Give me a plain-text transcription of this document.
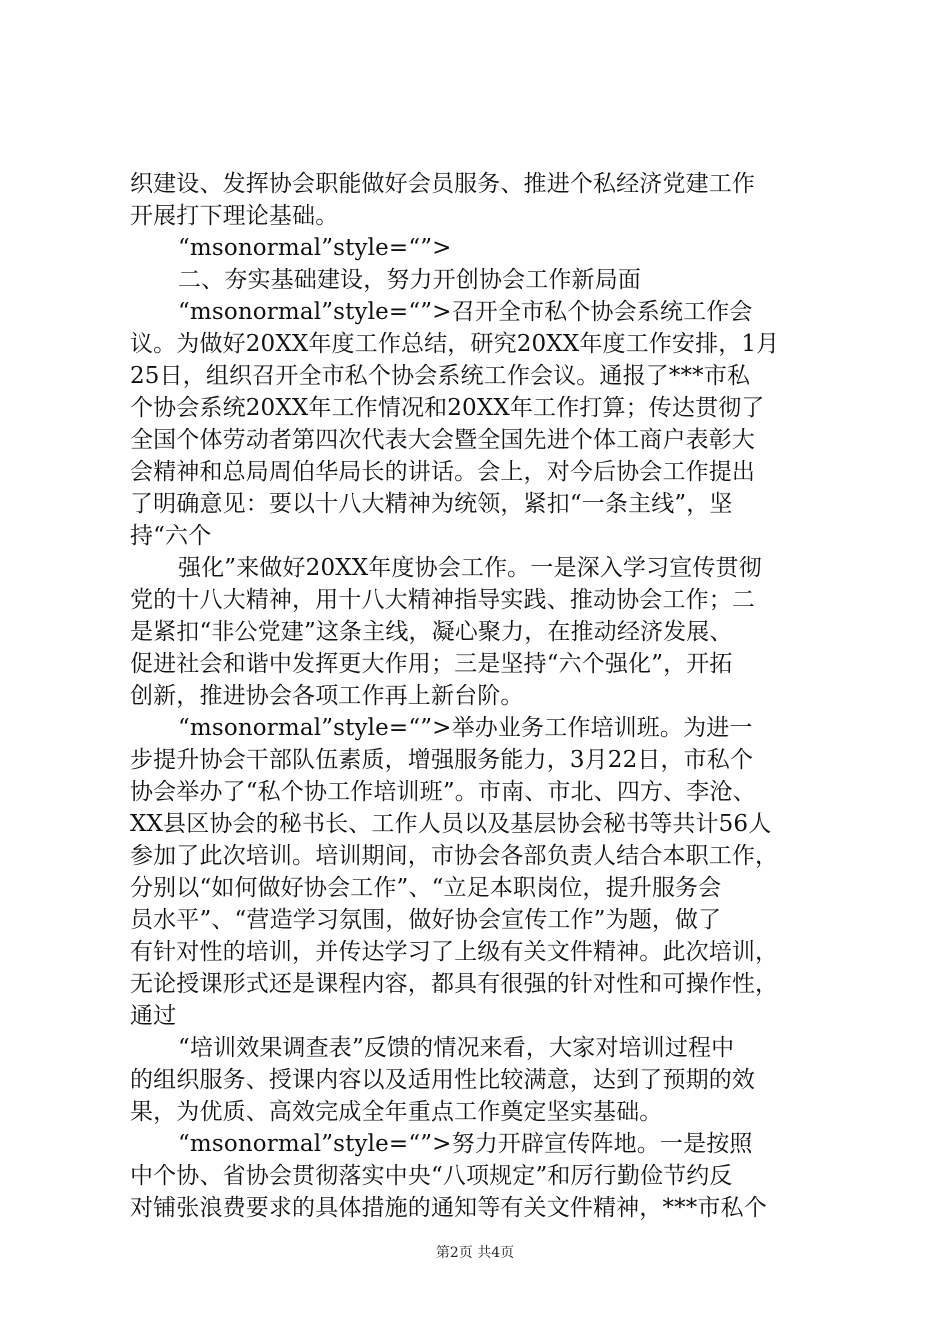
织建设、发挥协会职能做好会员服务、推进个私经济党建工作
开展打下理论基础。
“msonormal”style=“”>
二、夯实基础建设，努力开创协会工作新局面
“msonormal”style=“”>召开全市私个协会系统工作会
议。为做好20XX年度工作总结，研究20XX年度工作安排，1月
25日，组织召开全市私个协会系统工作会议。通报了***市私
个协会系统20XX年工作情况和20XX年工作打算；传达贯彻了
全国个体劳动者第四次代表大会暨全国先进个体工商户表彰大
会精神和总局周伯华局长的讲话。会上，对今后协会工作提出
了明确意见：要以十八大精神为统领，紧扣“一条主线”，坚
持“六个
强化”来做好20XX年度协会工作。一是深入学习宣传贯彻
党的十八大精神，用十八大精神指导实践、推动协会工作；二
是紧扣“非公党建”这条主线，凝心聚力，在推动经济发展、
促进社会和谐中发挥更大作用；三是坚持“六个强化”，开拓
创新，推进协会各项工作再上新台阶。
“msonormal”style=“”>举办业务工作培训班。为进一
步提升协会干部队伍素质，增强服务能力，3月22日，市私个
协会举办了“私个协工作培训班”。市南、市北、四方、李沧、
XX县区协会的秘书长、工作人员以及基层协会秘书等共计56人
参加了此次培训。培训期间，市协会各部负责人结合本职工作，
分别以“如何做好协会工作”、“立足本职岗位，提升服务会
员水平”、“营造学习氛围，做好协会宣传工作”为题，做了
有针对性的培训，并传达学习了上级有关文件精神。此次培训，
无论授课形式还是课程内容，都具有很强的针对性和可操作性，
通过
“培训效果调查表”反馈的情况来看，大家对培训过程中
的组织服务、授课内容以及适用性比较满意，达到了预期的效
果，为优质、高效完成全年重点工作奠定坚实基础。
“msonormal”style=“”>努力开辟宣传阵地。一是按照
中个协、省协会贯彻落实中央“八项规定”和厉行勤俭节约反
对铺张浪费要求的具体措施的通知等有关文件精神，***市私个
第2页 共4页
